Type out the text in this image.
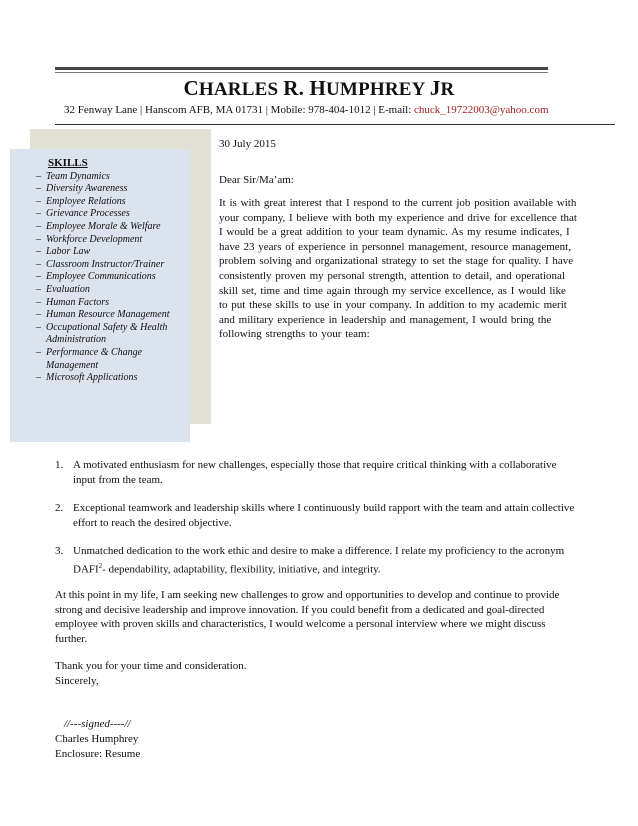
CHARLES R. HUMPHREY JR
32 Fenway Lane | Hanscom AFB, MA 01731 | Mobile: 978-404-1012 | E-mail: chuck_19722003@yahoo.com
SKILLS
– Team Dynamics
– Diversity Awareness
– Employee Relations
– Grievance Processes
– Employee Morale & Welfare
– Workforce Development
– Labor Law
– Classroom Instructor/Trainer
– Employee Communications
– Evaluation
– Human Factors
– Human Resource Management
– Occupational Safety & Health Administration
– Performance & Change Management
– Microsoft Applications
30 July 2015
Dear Sir/Ma’am:
It is with great interest that I respond to the current job position available with your company, I believe with both my experience and drive for excellence that I would be a great addition to your team dynamic. As my resume indicates, I have 23 years of experience in personnel management, resource management, problem solving and organizational strategy to set the stage for quality. I have consistently proven my personal strength, attention to detail, and operational skill set, time and time again through my service excellence, as I would like to put these skills to use in your company. In addition to my academic merit and military experience in leadership and management, I would bring the following strengths to your team:
1. A motivated enthusiasm for new challenges, especially those that require critical thinking with a collaborative input from the team.
2. Exceptional teamwork and leadership skills where I continuously build rapport with the team and attain collective effort to reach the desired objective.
3. Unmatched dedication to the work ethic and desire to make a difference. I relate my proficiency to the acronym DAFI$^2$- dependability, adaptability, flexibility, initiative, and integrity.
At this point in my life, I am seeking new challenges to grow and opportunities to develop and continue to provide strong and decisive leadership and improve innovation. If you could benefit from a dedicated and goal-directed employee with proven skills and characteristics, I would welcome a personal interview where we might discuss further.
Thank you for your time and consideration.
Sincerely,
//---signed----//
Charles Humphrey
Enclosure: Resume
